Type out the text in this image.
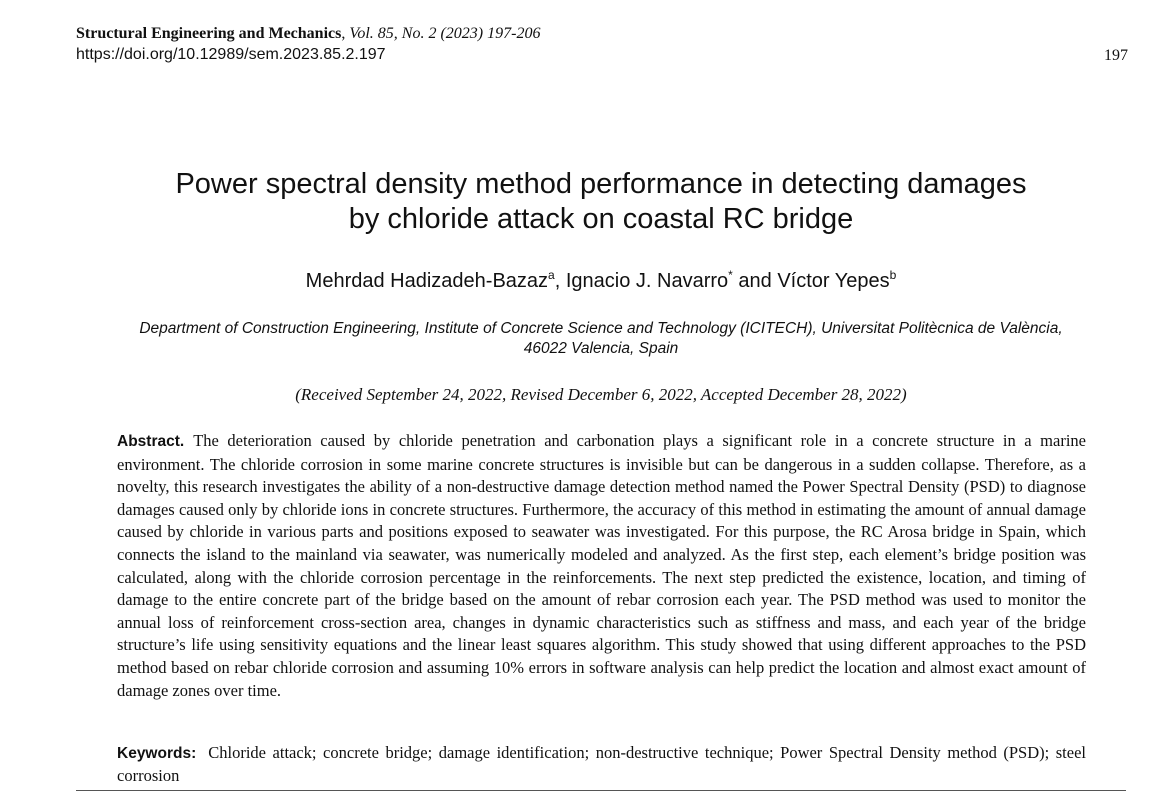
Structural Engineering and Mechanics, Vol. 85, No. 2 (2023) 197-206
https://doi.org/10.12989/sem.2023.85.2.197	197
Power spectral density method performance in detecting damages
by chloride attack on coastal RC bridge
Mehrdad Hadizadeh-Bazaz$^a$, Ignacio J. Navarro* and Víctor Yepes$^b$
Department of Construction Engineering, Institute of Concrete Science and Technology (ICITECH), Universitat Politècnica de València,
46022 Valencia, Spain
(Received September 24, 2022, Revised December 6, 2022, Accepted December 28, 2022)
Abstract. The deterioration caused by chloride penetration and carbonation plays a significant role in a concrete structure in a marine environment. The chloride corrosion in some marine concrete structures is invisible but can be dangerous in a sudden collapse. Therefore, as a novelty, this research investigates the ability of a non-destructive damage detection method named the Power Spectral Density (PSD) to diagnose damages caused only by chloride ions in concrete structures. Furthermore, the accuracy of this method in estimating the amount of annual damage caused by chloride in various parts and positions exposed to seawater was investigated. For this purpose, the RC Arosa bridge in Spain, which connects the island to the mainland via seawater, was numerically modeled and analyzed. As the first step, each element’s bridge position was calculated, along with the chloride corrosion percentage in the reinforcements. The next step predicted the existence, location, and timing of damage to the entire concrete part of the bridge based on the amount of rebar corrosion each year. The PSD method was used to monitor the annual loss of reinforcement cross-section area, changes in dynamic characteristics such as stiffness and mass, and each year of the bridge structure’s life using sensitivity equations and the linear least squares algorithm. This study showed that using different approaches to the PSD method based on rebar chloride corrosion and assuming 10% errors in software analysis can help predict the location and almost exact amount of damage zones over time.
Keywords: Chloride attack; concrete bridge; damage identification; non-destructive technique; Power Spectral Density method (PSD); steel corrosion
